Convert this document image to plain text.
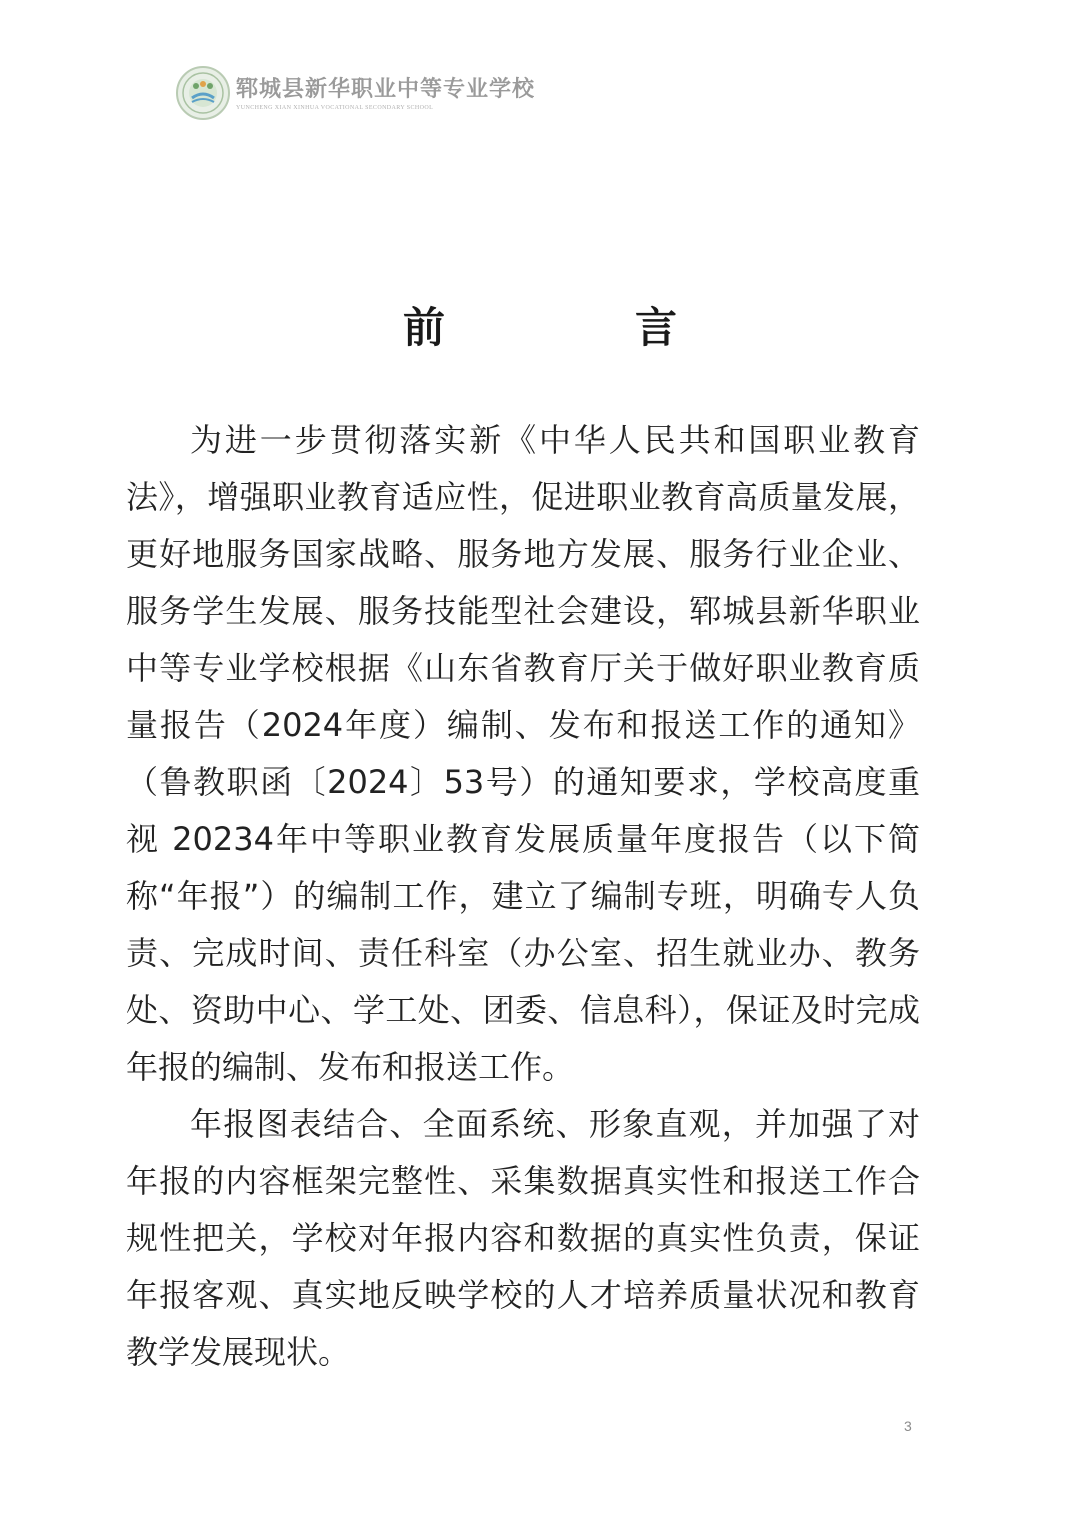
郓城县新华职业中等专业学校
YUNCHENG XIAN XINHUA VOCATIONAL SECONDARY SCHOOL
前言

为进一步贯彻落实新《中华人民共和国职业教育法》，增强职业教育适应性，促进职业教育高质量发展，更好地服务国家战略、服务地方发展、服务行业企业、服务学生发展、服务技能型社会建设，郓城县新华职业中等专业学校根据《山东省教育厅关于做好职业教育质量报告（2024年度）编制、发布和报送工作的通知》（鲁教职函〔2024〕53号）的通知要求，学校高度重视 20234年中等职业教育发展质量年度报告（以下简称“年报”）的编制工作，建立了编制专班，明确专人负责、完成时间、责任科室（办公室、招生就业办、教务处、资助中心、学工处、团委、信息科），保证及时完成年报的编制、发布和报送工作。

年报图表结合、全面系统、形象直观，并加强了对年报的内容框架完整性、采集数据真实性和报送工作合规性把关，学校对年报内容和数据的真实性负责，保证年报客观、真实地反映学校的人才培养质量状况和教育教学发展现状。

3
